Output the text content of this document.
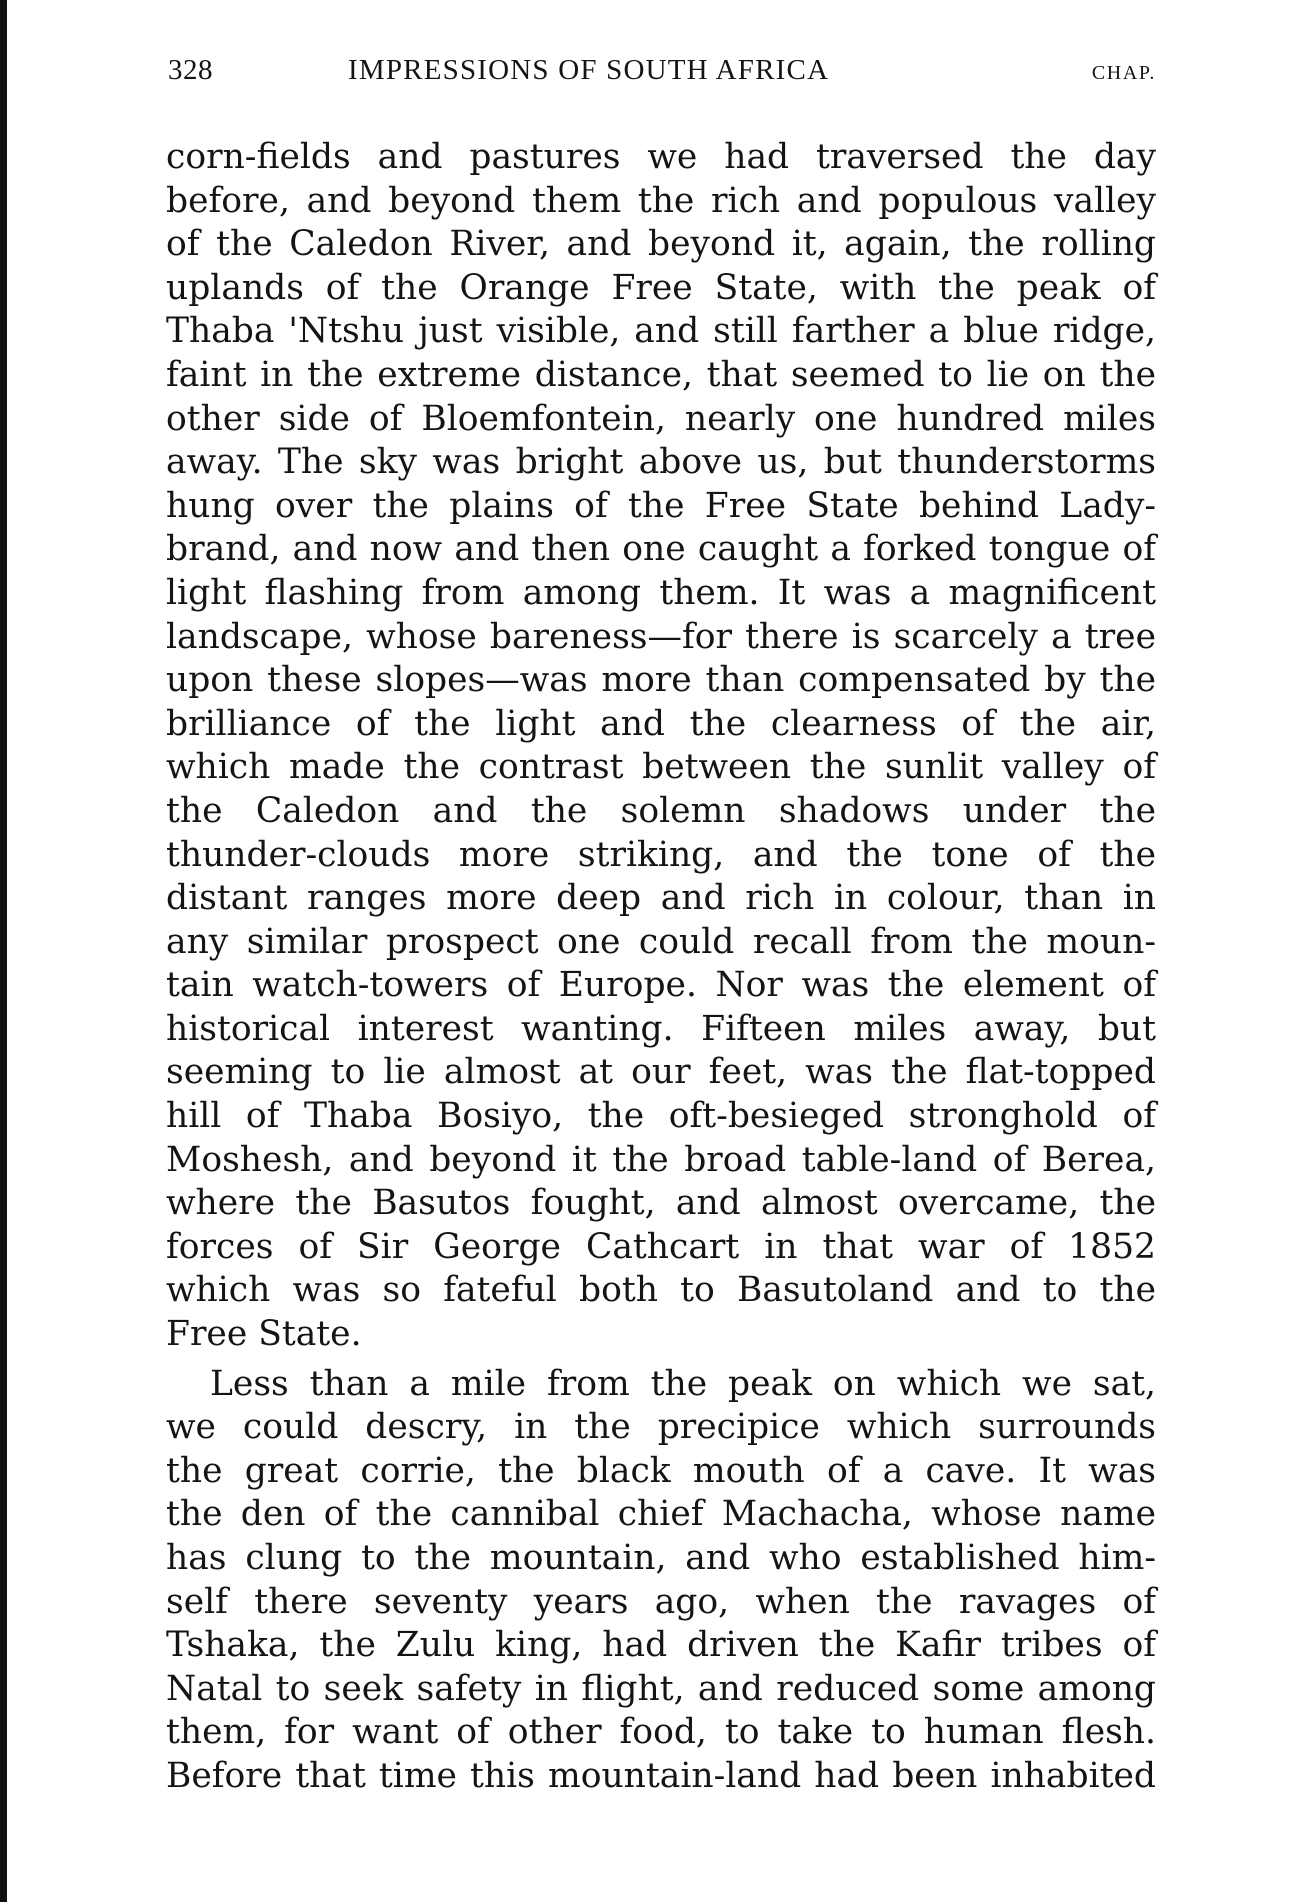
328	IMPRESSIONS OF SOUTH AFRICA	CHAP.
corn-fields and pastures we had traversed the day
before, and beyond them the rich and populous valley
of the Caledon River, and beyond it, again, the rolling
uplands of the Orange Free State, with the peak of
Thaba 'Ntshu just visible, and still farther a blue ridge,
faint in the extreme distance, that seemed to lie on the
other side of Bloemfontein, nearly one hundred miles
away. The sky was bright above us, but thunderstorms
hung over the plains of the Free State behind Lady-
brand, and now and then one caught a forked tongue of
light flashing from among them. It was a magnificent
landscape, whose bareness—for there is scarcely a tree
upon these slopes—was more than compensated by the
brilliance of the light and the clearness of the air,
which made the contrast between the sunlit valley of
the Caledon and the solemn shadows under the
thunder-clouds more striking, and the tone of the
distant ranges more deep and rich in colour, than in
any similar prospect one could recall from the moun-
tain watch-towers of Europe. Nor was the element of
historical interest wanting. Fifteen miles away, but
seeming to lie almost at our feet, was the flat-topped
hill of Thaba Bosiyo, the oft-besieged stronghold of
Moshesh, and beyond it the broad table-land of Berea,
where the Basutos fought, and almost overcame, the
forces of Sir George Cathcart in that war of 1852
which was so fateful both to Basutoland and to the
Free State.
Less than a mile from the peak on which we sat,
we could descry, in the precipice which surrounds
the great corrie, the black mouth of a cave. It was
the den of the cannibal chief Machacha, whose name
has clung to the mountain, and who established him-
self there seventy years ago, when the ravages of
Tshaka, the Zulu king, had driven the Kafir tribes of
Natal to seek safety in flight, and reduced some among
them, for want of other food, to take to human flesh.
Before that time this mountain-land had been inhabited
